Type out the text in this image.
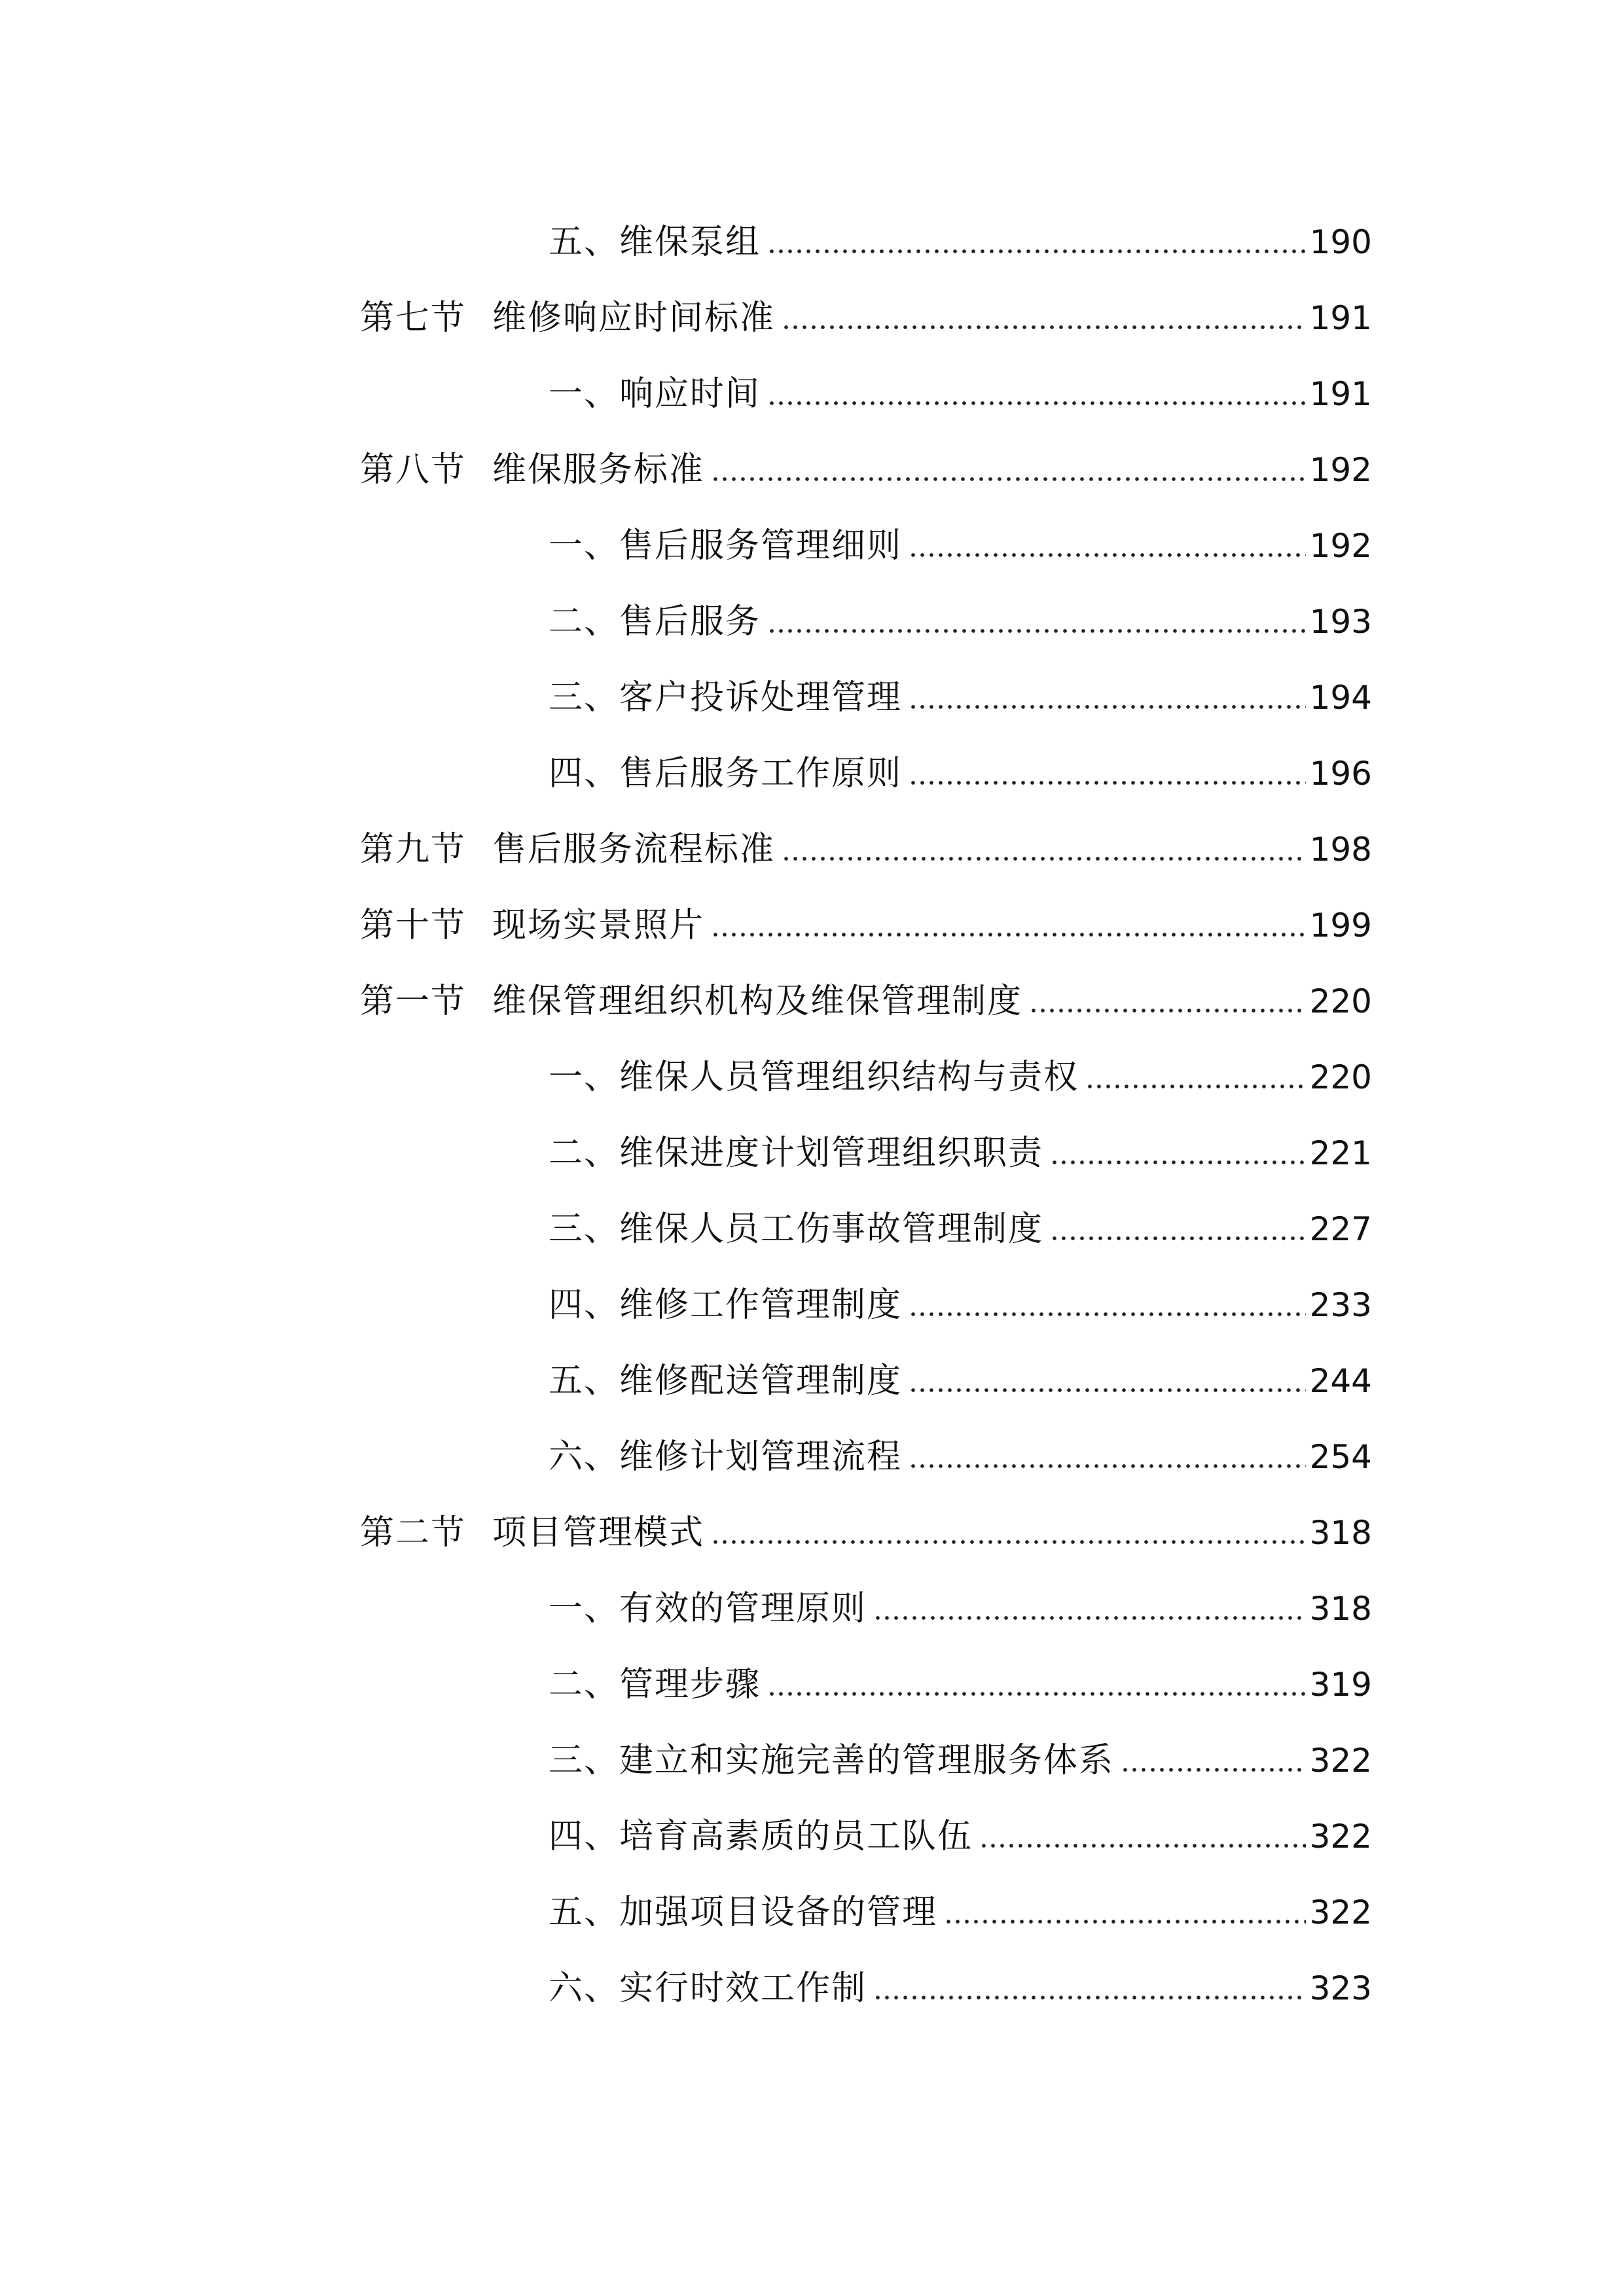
五、维保泵组	190
第七节 维修响应时间标准	191
一、响应时间	191
第八节 维保服务标准	192
一、售后服务管理细则	192
二、售后服务	193
三、客户投诉处理管理	194
四、售后服务工作原则	196
第九节 售后服务流程标准	198
第十节 现场实景照片	199
第一节 维保管理组织机构及维保管理制度	220
一、维保人员管理组织结构与责权	220
二、维保进度计划管理组织职责	221
三、维保人员工伤事故管理制度	227
四、维修工作管理制度	233
五、维修配送管理制度	244
六、维修计划管理流程	254
第二节 项目管理模式	318
一、有效的管理原则	318
二、管理步骤	319
三、建立和实施完善的管理服务体系	322
四、培育高素质的员工队伍	322
五、加强项目设备的管理	322
六、实行时效工作制	323
